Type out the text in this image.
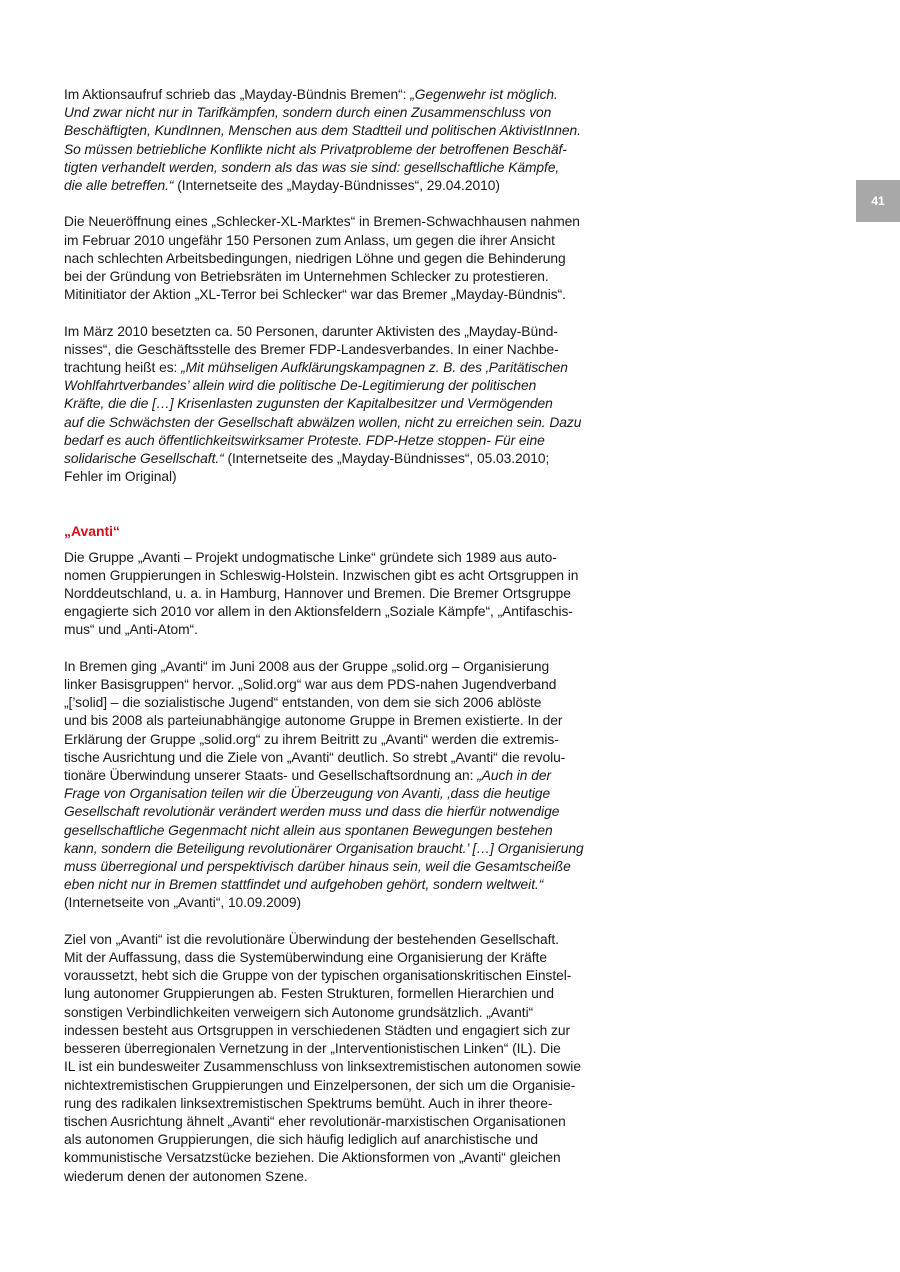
41
Im Aktionsaufruf schrieb das „Mayday-Bündnis Bremen“: „Gegenwehr ist möglich.
Und zwar nicht nur in Tarifkämpfen, sondern durch einen Zusammenschluss von
Beschäftigten, KundInnen, Menschen aus dem Stadtteil und politischen AktivistInnen.
So müssen betriebliche Konflikte nicht als Privatprobleme der betroffenen Beschäf-
tigten verhandelt werden, sondern als das was sie sind: gesellschaftliche Kämpfe,
die alle betreffen.“ (Internetseite des „Mayday-Bündnisses“, 29.04.2010)
Die Neueröffnung eines „Schlecker-XL-Marktes“ in Bremen-Schwachhausen nahmen
im Februar 2010 ungefähr 150 Personen zum Anlass, um gegen die ihrer Ansicht
nach schlechten Arbeitsbedingungen, niedrigen Löhne und gegen die Behinderung
bei der Gründung von Betriebsräten im Unternehmen Schlecker zu protestieren.
Mitinitiator der Aktion „XL-Terror bei Schlecker“ war das Bremer „Mayday-Bündnis“.
Im März 2010 besetzten ca. 50 Personen, darunter Aktivisten des „Mayday-Bünd-
nisses“, die Geschäftsstelle des Bremer FDP-Landesverbandes. In einer Nachbe-
trachtung heißt es: „Mit mühseligen Aufklärungskampagnen z. B. des ‚Paritätischen
Wohlfahrtverbandes’ allein wird die politische De-Legitimierung der politischen
Kräfte, die die […] Krisenlasten zugunsten der Kapitalbesitzer und Vermögenden
auf die Schwächsten der Gesellschaft abwälzen wollen, nicht zu erreichen sein. Dazu
bedarf es auch öffentlichkeitswirksamer Proteste. FDP-Hetze stoppen- Für eine
solidarische Gesellschaft.“ (Internetseite des „Mayday-Bündnisses“, 05.03.2010;
Fehler im Original)
„Avanti“
Die Gruppe „Avanti – Projekt undogmatische Linke“ gründete sich 1989 aus auto-
nomen Gruppierungen in Schleswig-Holstein. Inzwischen gibt es acht Ortsgruppen in
Norddeutschland, u. a. in Hamburg, Hannover und Bremen. Die Bremer Ortsgruppe
engagierte sich 2010 vor allem in den Aktionsfeldern „Soziale Kämpfe“, „Antifaschis-
mus“ und „Anti-Atom“.
In Bremen ging „Avanti“ im Juni 2008 aus der Gruppe „solid.org – Organisierung
linker Basisgruppen“ hervor. „Solid.org“ war aus dem PDS-nahen Jugendverband
„[’solid] – die sozialistische Jugend“ entstanden, von dem sie sich 2006 ablöste
und bis 2008 als parteiunabhängige autonome Gruppe in Bremen existierte. In der
Erklärung der Gruppe „solid.org“ zu ihrem Beitritt zu „Avanti“ werden die extremis-
tische Ausrichtung und die Ziele von „Avanti“ deutlich. So strebt „Avanti“ die revolu-
tionäre Überwindung unserer Staats- und Gesellschaftsordnung an: „Auch in der
Frage von Organisation teilen wir die Überzeugung von Avanti, ‚dass die heutige
Gesellschaft revolutionär verändert werden muss und dass die hierfür notwendige
gesellschaftliche Gegenmacht nicht allein aus spontanen Bewegungen bestehen
kann, sondern die Beteiligung revolutionärer Organisation braucht.’ […] Organisierung
muss überregional und perspektivisch darüber hinaus sein, weil die Gesamtscheiße
eben nicht nur in Bremen stattfindet und aufgehoben gehört, sondern weltweit.“
(Internetseite von „Avanti“, 10.09.2009)
Ziel von „Avanti“ ist die revolutionäre Überwindung der bestehenden Gesellschaft.
Mit der Auffassung, dass die Systemüberwindung eine Organisierung der Kräfte
voraussetzt, hebt sich die Gruppe von der typischen organisationskritischen Einstel-
lung autonomer Gruppierungen ab. Festen Strukturen, formellen Hierarchien und
sonstigen Verbindlichkeiten verweigern sich Autonome grundsätzlich. „Avanti“
indessen besteht aus Ortsgruppen in verschiedenen Städten und engagiert sich zur
besseren überregionalen Vernetzung in der „Interventionistischen Linken“ (IL). Die
IL ist ein bundesweiter Zusammenschluss von linksextremistischen autonomen sowie
nichtextremistischen Gruppierungen und Einzelpersonen, der sich um die Organisie-
rung des radikalen linksextremistischen Spektrums bemüht. Auch in ihrer theore-
tischen Ausrichtung ähnelt „Avanti“ eher revolutionär-marxistischen Organisationen
als autonomen Gruppierungen, die sich häufig lediglich auf anarchistische und
kommunistische Versatzstücke beziehen. Die Aktionsformen von „Avanti“ gleichen
wiederum denen der autonomen Szene.
